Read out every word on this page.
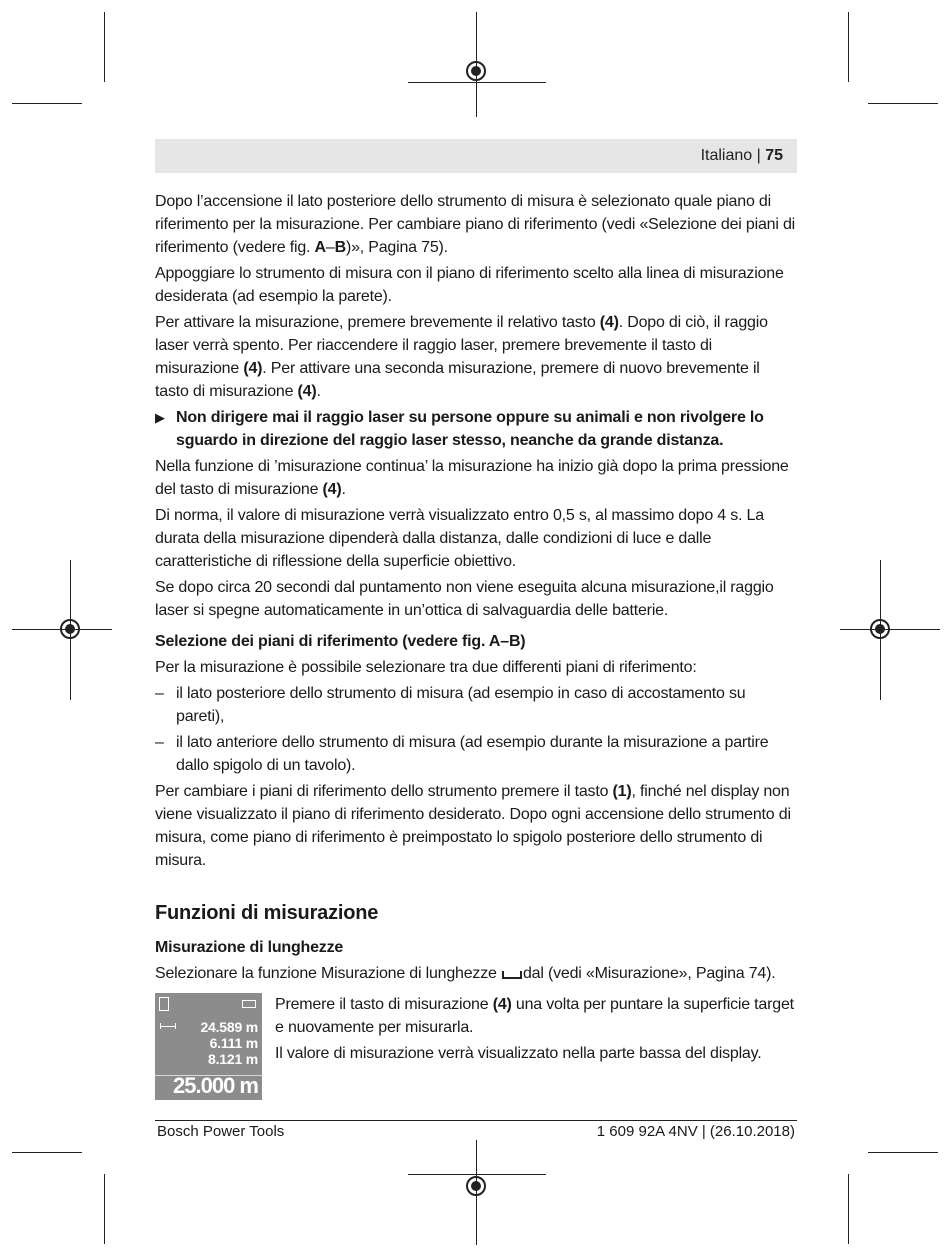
Italiano | 75

Dopo l’accensione il lato posteriore dello strumento di misura è selezionato quale piano di riferimento per la misurazione. Per cambiare piano di riferimento (vedi «Selezione dei piani di riferimento (vedere fig. A–B)», Pagina 75).

Appoggiare lo strumento di misura con il piano di riferimento scelto alla linea di misurazione desiderata (ad esempio la parete).

Per attivare la misurazione, premere brevemente il relativo tasto (4). Dopo di ciò, il raggio laser verrà spento. Per riaccendere il raggio laser, premere brevemente il tasto di misurazione (4). Per attivare una seconda misurazione, premere di nuovo brevemente il tasto di misurazione (4).

▶ Non dirigere mai il raggio laser su persone oppure su animali e non rivolgere lo sguardo in direzione del raggio laser stesso, neanche da grande distanza.

Nella funzione di ’misurazione continua’ la misurazione ha inizio già dopo la prima pressione del tasto di misurazione (4).

Di norma, il valore di misurazione verrà visualizzato entro 0,5 s, al massimo dopo 4 s. La durata della misurazione dipenderà dalla distanza, dalle condizioni di luce e dalle caratteristiche di riflessione della superficie obiettivo.

Se dopo circa 20 secondi dal puntamento non viene eseguita alcuna misurazione,il raggio laser si spegne automaticamente in un’ottica di salvaguardia delle batterie.

Selezione dei piani di riferimento (vedere fig. A–B)

Per la misurazione è possibile selezionare tra due differenti piani di riferimento:

– il lato posteriore dello strumento di misura (ad esempio in caso di accostamento su pareti),
– il lato anteriore dello strumento di misura (ad esempio durante la misurazione a partire dallo spigolo di un tavolo).

Per cambiare i piani di riferimento dello strumento premere il tasto (1), finché nel display non viene visualizzato il piano di riferimento desiderato. Dopo ogni accensione dello strumento di misura, come piano di riferimento è preimpostato lo spigolo posteriore dello strumento di misura.

Funzioni di misurazione
Misurazione di lunghezze

Selezionare la funzione Misurazione di lunghezze dal (vedi «Misurazione», Pagina 74).

24.589 m
6.111 m
8.121 m
25.000 m

Premere il tasto di misurazione (4) una volta per puntare la superficie target e nuovamente per misurarla.

Il valore di misurazione verrà visualizzato nella parte bassa del display.

Bosch Power Tools	1 609 92A 4NV | (26.10.2018)
